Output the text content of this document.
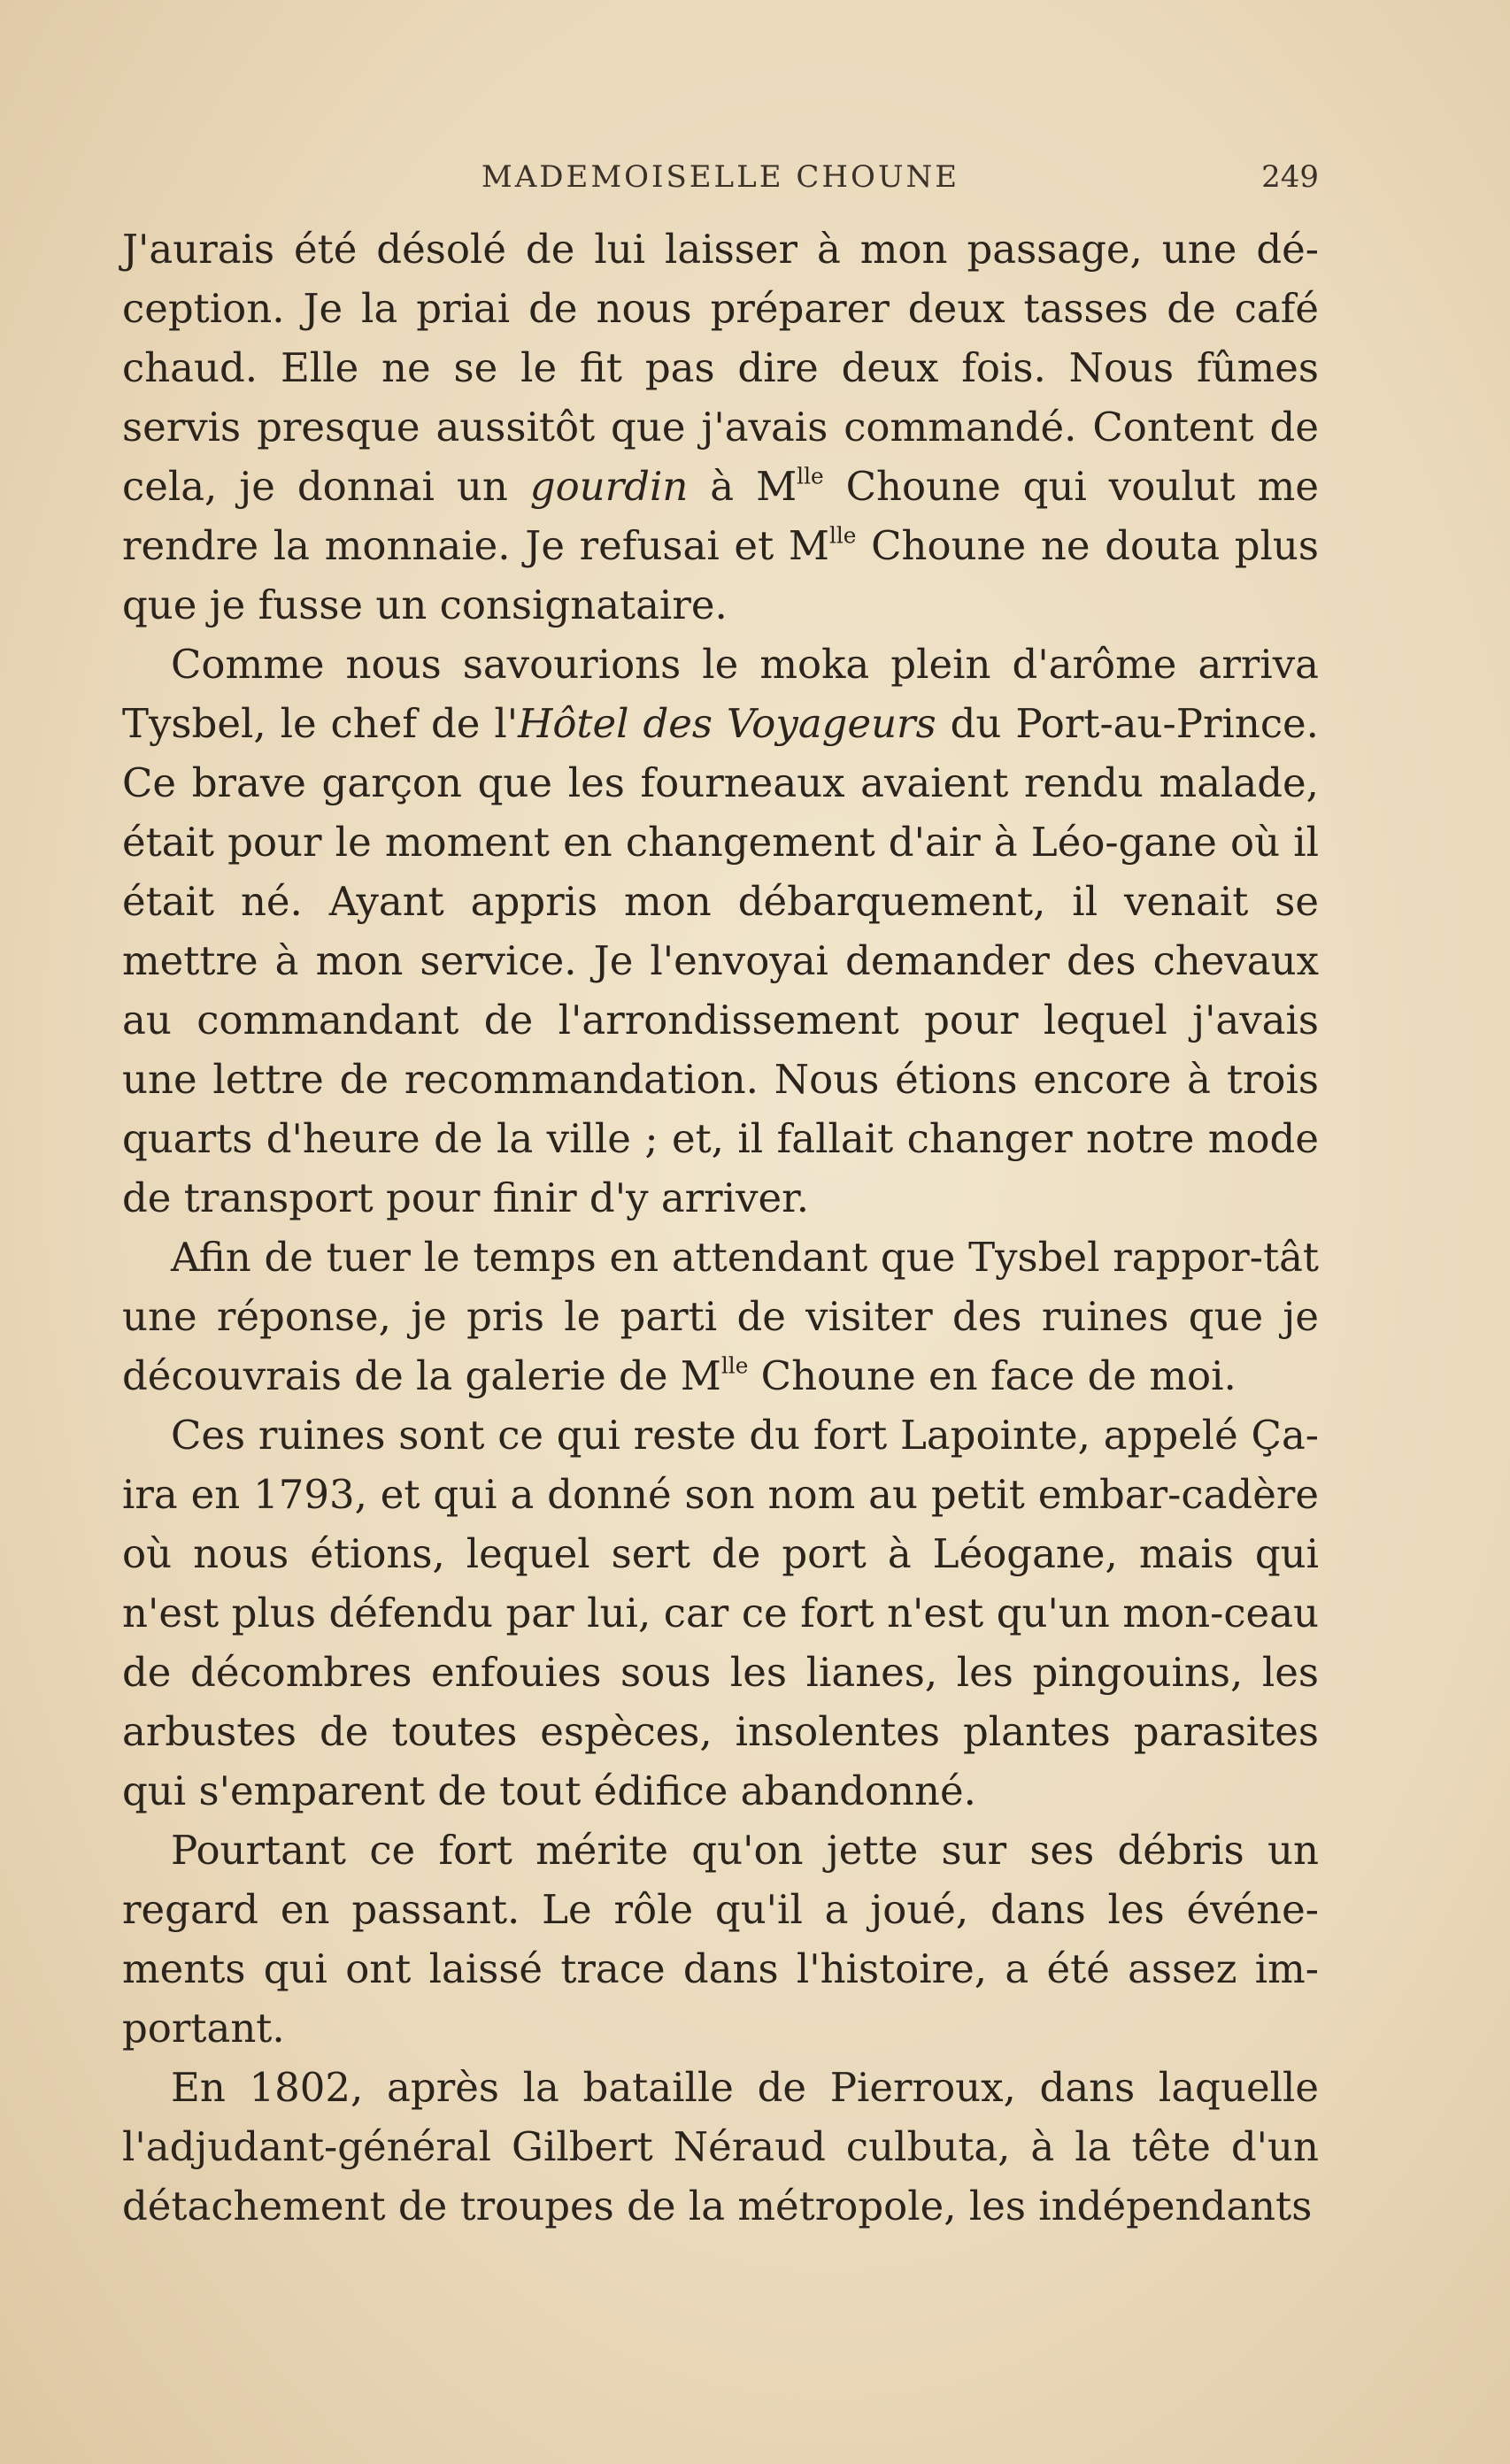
MADEMOISELLE CHOUNE	249

J'aurais été désolé de lui laisser à mon passage, une dé-ception. Je la priai de nous préparer deux tasses de café chaud. Elle ne se le fit pas dire deux fois. Nous fûmes servis presque aussitôt que j'avais commandé. Content de cela, je donnai un gourdin à $M^{lle}$ Choune qui voulut me rendre la monnaie. Je refusai et $M^{lle}$ Choune ne douta plus que je fusse un consignataire.

Comme nous savourions le moka plein d'arôme arriva Tysbel, le chef de l'Hôtel des Voyageurs du Port-au-Prince. Ce brave garçon que les fourneaux avaient rendu malade, était pour le moment en changement d'air à Léo-gane où il était né. Ayant appris mon débarquement, il venait se mettre à mon service. Je l'envoyai demander des chevaux au commandant de l'arrondissement pour lequel j'avais une lettre de recommandation. Nous étions encore à trois quarts d'heure de la ville ; et, il fallait changer notre mode de transport pour finir d'y arriver.

Afin de tuer le temps en attendant que Tysbel rappor-tât une réponse, je pris le parti de visiter des ruines que je découvrais de la galerie de $M^{lle}$ Choune en face de moi.

Ces ruines sont ce qui reste du fort Lapointe, appelé Ça-ira en 1793, et qui a donné son nom au petit embar-cadère où nous étions, lequel sert de port à Léogane, mais qui n'est plus défendu par lui, car ce fort n'est qu'un mon-ceau de décombres enfouies sous les lianes, les pingouins, les arbustes de toutes espèces, insolentes plantes parasites qui s'emparent de tout édifice abandonné.

Pourtant ce fort mérite qu'on jette sur ses débris un regard en passant. Le rôle qu'il a joué, dans les événe-ments qui ont laissé trace dans l'histoire, a été assez im-portant.

En 1802, après la bataille de Pierroux, dans laquelle l'adjudant-général Gilbert Néraud culbuta, à la tête d'un détachement de troupes de la métropole, les indépendants
